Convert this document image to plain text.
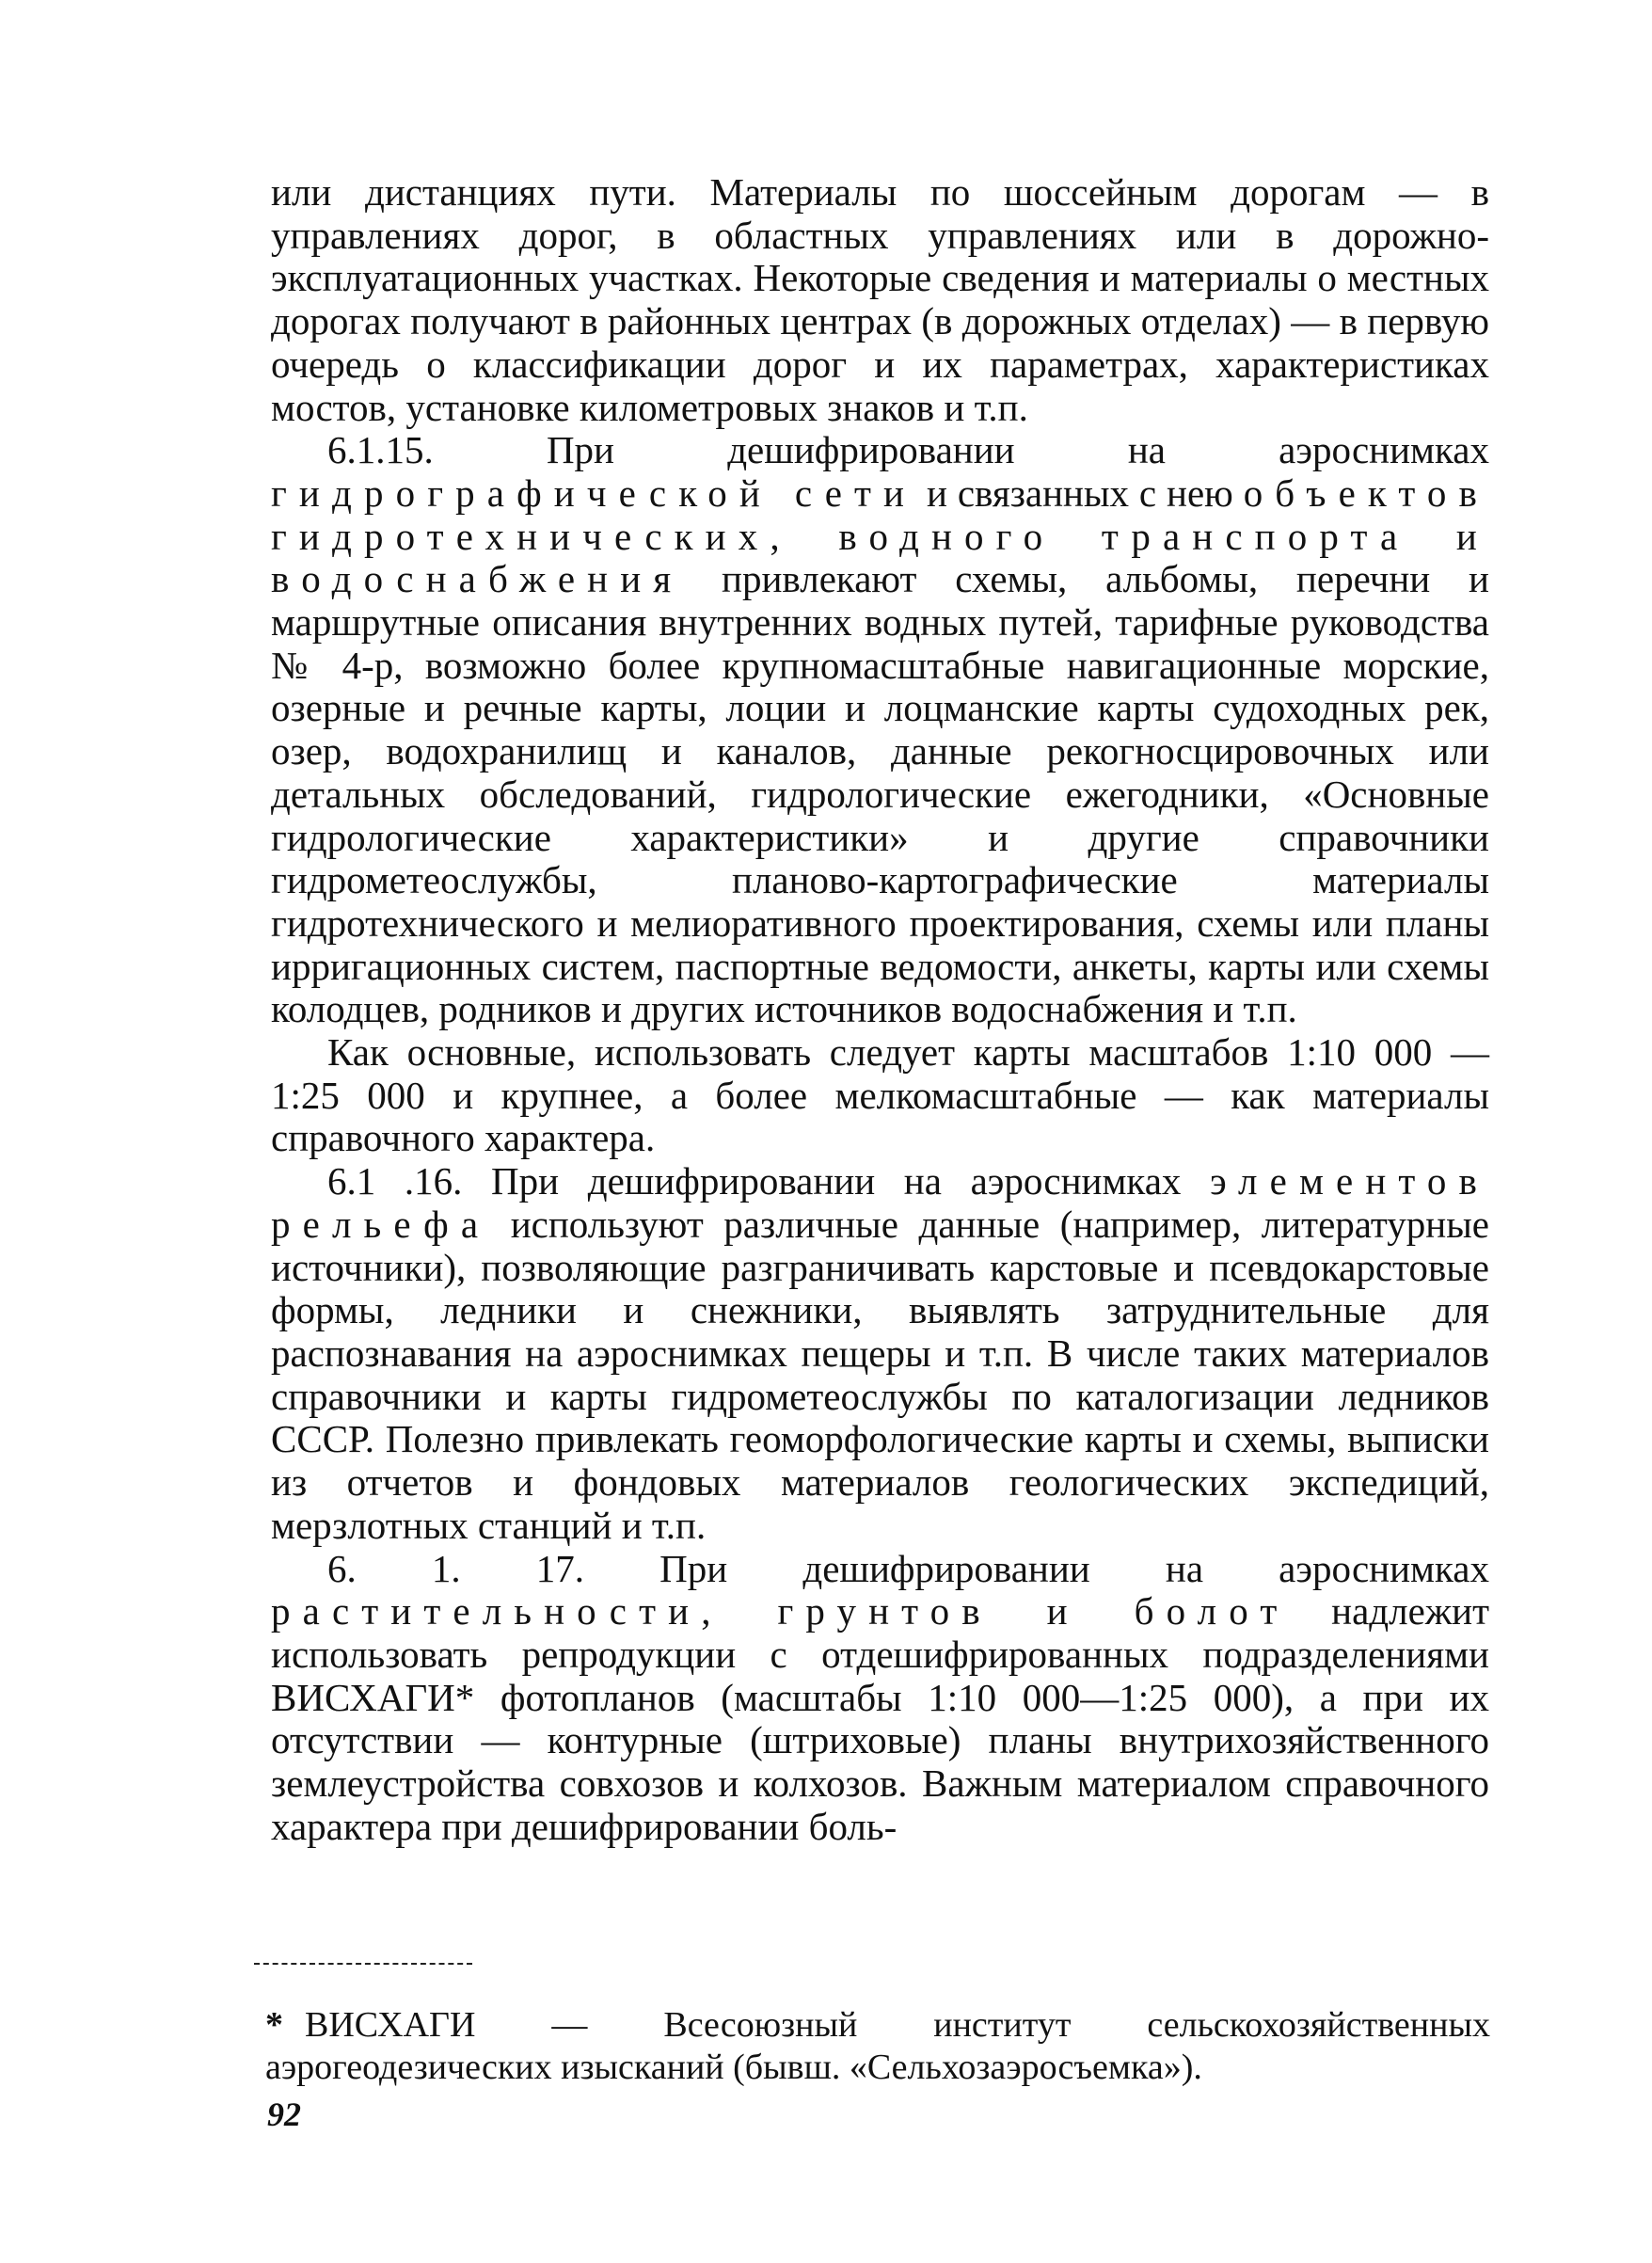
или дистанциях пути. Материалы по шоссейным дорогам — в управлениях дорог, в областных управлениях или в дорожно-эксплуатационных участках. Некоторые сведения и материалы о местных дорогах получают в районных центрах (в дорожных отделах) — в первую очередь о классификации дорог и их параметрах, характеристиках мостов, установке километровых знаков и т.п.

6.1.15. При дешифрировании на аэроснимках гидрографической сети и связанных с нею объектов гидротехнических, водного транспорта и водоснабжения привлекают схемы, альбомы, перечни и маршрутные описания внутренних водных путей, тарифные руководства № 4-р, возможно более крупномасштабные навигационные морские, озерные и речные карты, лоции и лоцманские карты судоходных рек, озер, водохранилищ и каналов, данные рекогносцировочных или детальных обследований, гидрологические ежегодники, «Основные гидрологические характеристики» и другие справочники гидрометеослужбы, планово-картографические материалы гидротехнического и мелиоративного проектирования, схемы или планы ирригационных систем, паспортные ведомости, анкеты, карты или схемы колодцев, родников и других источников водоснабжения и т.п.

Как основные, использовать следует карты масштабов 1:10 000 — 1:25 000 и крупнее, а более мелкомасштабные — как материалы справочного характера.

6.1 .16. При дешифрировании на аэроснимках элементов рельефа используют различные данные (например, литературные источники), позволяющие разграничивать карстовые и псевдокарстовые формы, ледники и снежники, выявлять затруднительные для распознавания на аэроснимках пещеры и т.п. В числе таких материалов справочники и карты гидрометеослужбы по каталогизации ледников СССР. Полезно привлекать геоморфологические карты и схемы, выписки из отчетов и фондовых материалов геологических экспедиций, мерзлотных станций и т.п.

6. 1. 17. При дешифрировании на аэроснимках растительности, грунтов и болот надлежит использовать репродукции с отдешифрированных подразделениями ВИСХАГИ* фотопланов (масштабы 1:10 000—1:25 000), а при их отсутствии — контурные (штриховые) планы внутрихозяйственного землеустройства совхозов и колхозов. Важным материалом справочного характера при дешифрировании боль-

* ВИСХАГИ — Всесоюзный институт сельскохозяйственных аэрогеодезических изысканий (бывш. «Сельхозаэросъемка»).
92
